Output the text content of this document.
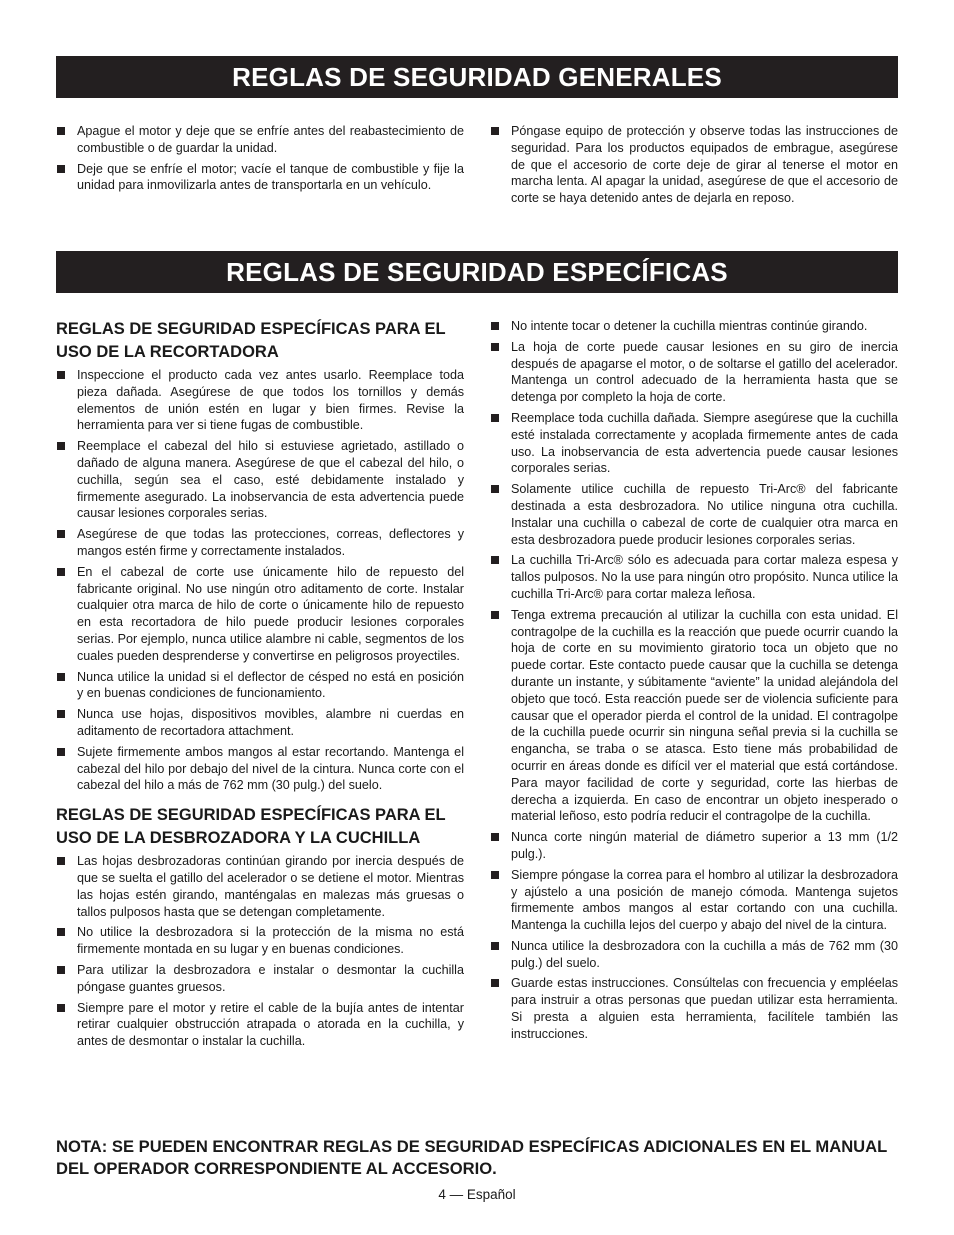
REGLAS DE SEGURIDAD GENERALES
Apague el motor y deje que se enfríe antes del reabastecimiento de combustible o de guardar la unidad.
Deje que se enfríe el motor; vacíe el tanque de combustible y fije la unidad para inmovilizarla antes de transportarla en un vehículo.
Póngase equipo de protección y observe todas las instrucciones de seguridad. Para los productos equipados de embrague, asegúrese de que el accesorio de corte deje de girar al tenerse el motor en marcha lenta. Al apagar la unidad, asegúrese de que el accesorio de corte se haya detenido antes de dejarla en reposo.
REGLAS DE SEGURIDAD ESPECÍFICAS
REGLAS DE SEGURIDAD ESPECÍFICAS PARA EL USO DE LA RECORTADORA
Inspeccione el producto cada vez antes usarlo. Reemplace toda pieza dañada. Asegúrese de que todos los tornillos y demás elementos de unión estén en lugar y bien firmes. Revise la herramienta para ver si tiene fugas de combustible.
Reemplace el cabezal del hilo si estuviese agrietado, astillado o dañado de alguna manera. Asegúrese de que el cabezal del hilo, o cuchilla, según sea el caso, esté debidamente instalado y firmemente asegurado. La inobservancia de esta advertencia puede causar lesiones corporales serias.
Asegúrese de que todas las protecciones, correas, deflectores y mangos estén firme y correctamente instalados.
En el cabezal de corte use únicamente hilo de repuesto del fabricante original. No use ningún otro aditamento de corte. Instalar cualquier otra marca de hilo de corte o únicamente hilo de repuesto en esta recortadora de hilo puede producir lesiones corporales serias. Por ejemplo, nunca utilice alambre ni cable, segmentos de los cuales pueden desprenderse y convertirse en peligrosos proyectiles.
Nunca utilice la unidad si el deflector de césped no está en posición y en buenas condiciones de funcionamiento.
Nunca use hojas, dispositivos movibles, alambre ni cuerdas en aditamento de recortadora attachment.
Sujete firmemente ambos mangos al estar recortando. Mantenga el cabezal del hilo por debajo del nivel de la cintura. Nunca corte con el cabezal del hilo a más de 762 mm (30 pulg.) del suelo.
REGLAS DE SEGURIDAD ESPECÍFICAS PARA EL USO DE LA DESBROZADORA Y LA CUCHILLA
Las hojas desbrozadoras continúan girando por inercia después de que se suelta el gatillo del acelerador o se detiene el motor. Mientras las hojas estén girando, manténgalas en malezas más gruesas o tallos pulposos hasta que se detengan completamente.
No utilice la desbrozadora si la protección de la misma no está firmemente montada en su lugar y en buenas condiciones.
Para utilizar la desbrozadora e instalar o desmontar la cuchilla póngase guantes gruesos.
Siempre pare el motor y retire el cable de la bujía antes de intentar retirar cualquier obstrucción atrapada o atorada en la cuchilla, y antes de desmontar o instalar la cuchilla.
No intente tocar o detener la cuchilla mientras continúe girando.
La hoja de corte puede causar lesiones en su giro de inercia después de apagarse el motor, o de soltarse el gatillo del acelerador. Mantenga un control adecuado de la herramienta hasta que se detenga por completo la hoja de corte.
Reemplace toda cuchilla dañada. Siempre asegúrese que la cuchilla esté instalada correctamente y acoplada firmemente antes de cada uso. La inobservancia de esta advertencia puede causar lesiones corporales serias.
Solamente utilice cuchilla de repuesto Tri-Arc® del fabricante destinada a esta desbrozadora. No utilice ninguna otra cuchilla. Instalar una cuchilla o cabezal de corte de cualquier otra marca en esta desbrozadora puede producir lesiones corporales serias.
La cuchilla Tri-Arc® sólo es adecuada para cortar maleza espesa y tallos pulposos. No la use para ningún otro propósito. Nunca utilice la cuchilla Tri-Arc® para cortar maleza leñosa.
Tenga extrema precaución al utilizar la cuchilla con esta unidad. El contragolpe de la cuchilla es la reacción que puede ocurrir cuando la hoja de corte en su movimiento giratorio toca un objeto que no puede cortar. Este contacto puede causar que la cuchilla se detenga durante un instante, y súbitamente “aviente” la unidad alejándola del objeto que tocó. Esta reacción puede ser de violencia suficiente para causar que el operador pierda el control de la unidad. El contragolpe de la cuchilla puede ocurrir sin ninguna señal previa si la cuchilla se engancha, se traba o se atasca. Esto tiene más probabilidad de ocurrir en áreas donde es difícil ver el material que está cortándose. Para mayor facilidad de corte y seguridad, corte las hierbas de derecha a izquierda. En caso de encontrar un objeto inesperado o material leñoso, esto podría reducir el contragolpe de la cuchilla.
Nunca corte ningún material de diámetro superior a 13 mm (1/2 pulg.).
Siempre póngase la correa para el hombro al utilizar la desbrozadora y ajústelo a una posición de manejo cómoda. Mantenga sujetos firmemente ambos mangos al estar cortando con una cuchilla. Mantenga la cuchilla lejos del cuerpo y abajo del nivel de la cintura.
Nunca utilice la desbrozadora con la cuchilla a más de 762 mm (30 pulg.) del suelo.
Guarde estas instrucciones. Consúltelas con frecuencia y empléelas para instruir a otras personas que puedan utilizar esta herramienta. Si presta a alguien esta herramienta, facilítele también las instrucciones.

NOTA: SE PUEDEN ENCONTRAR REGLAS DE SEGURIDAD ESPECÍFICAS ADICIONALES EN EL MANUAL DEL OPERADOR CORRESPONDIENTE AL ACCESORIO.

4 — Español
